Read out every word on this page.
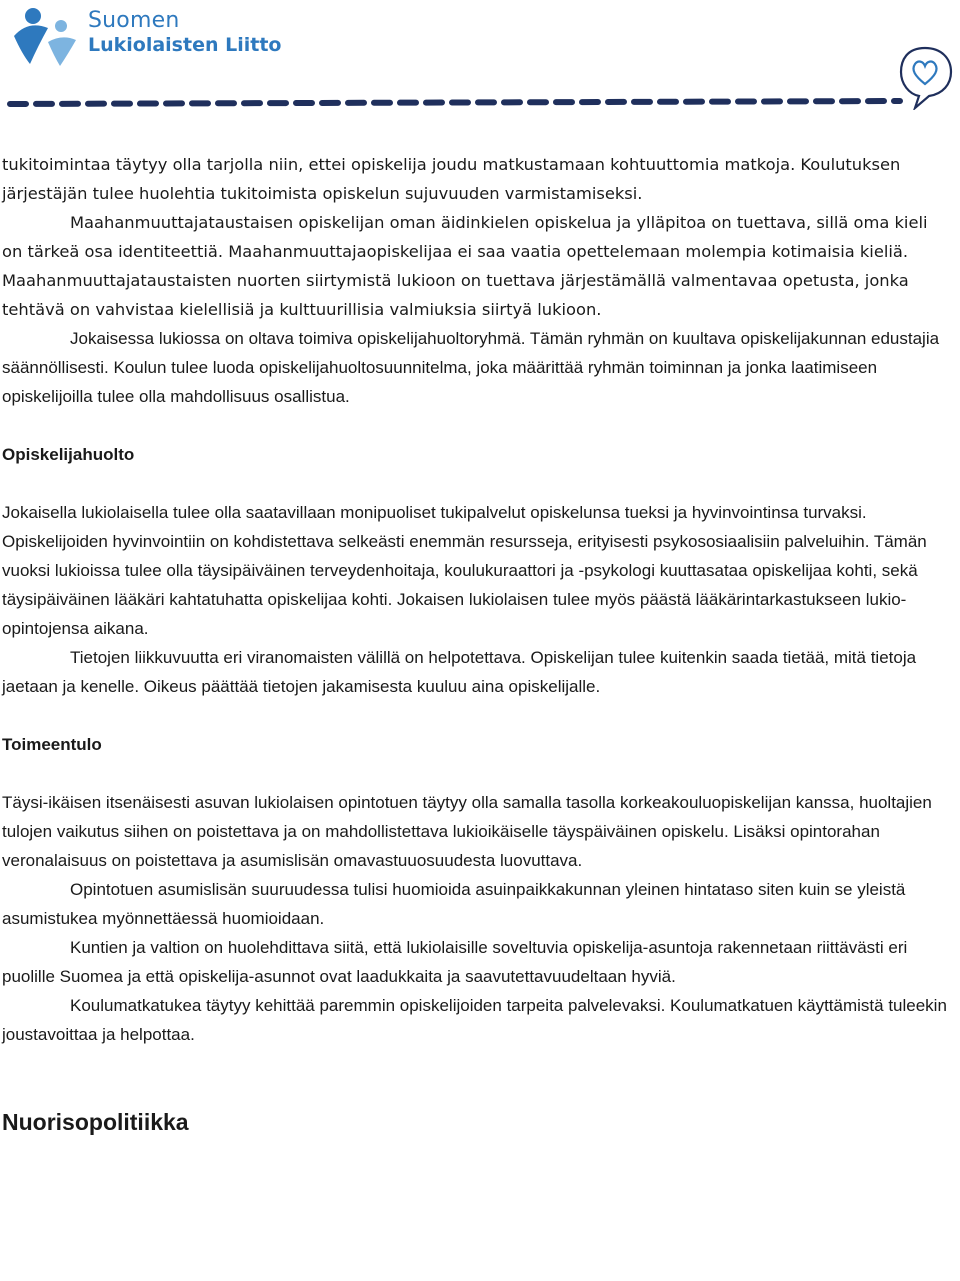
Suomen
Lukiolaisten Liitto

tukitoimintaa täytyy olla tarjolla niin, ettei opiskelija joudu matkustamaan kohtuuttomia matkoja. Koulutuksen järjestäjän tulee huolehtia tukitoimista opiskelun sujuvuuden varmistamiseksi.

Maahanmuuttajataustaisen opiskelijan oman äidinkielen opiskelua ja ylläpitoa on tuettava, sillä oma kieli on tärkeä osa identiteettiä. Maahanmuuttajaopiskelijaa ei saa vaatia opettelemaan molempia kotimaisia kieliä. Maahanmuuttajataustaisten nuorten siirtymistä lukioon on tuettava järjestämällä valmentavaa opetusta, jonka tehtävä on vahvistaa kielellisiä ja kulttuurillisia valmiuksia siirtyä lukioon.

Jokaisessa lukiossa on oltava toimiva opiskelijahuoltoryhmä. Tämän ryhmän on kuultava opiskelijakunnan edustajia säännöllisesti. Koulun tulee luoda opiskelijahuoltosuunnitelma, joka määrittää ryhmän toiminnan ja jonka laatimiseen opiskelijoilla tulee olla mahdollisuus osallistua.

Opiskelijahuolto

Jokaisella lukiolaisella tulee olla saatavillaan monipuoliset tukipalvelut opiskelunsa tueksi ja hyvinvointinsa turvaksi. Opiskelijoiden hyvinvointiin on kohdistettava selkeästi enemmän resursseja, erityisesti psykososiaalisiin palveluihin. Tämän vuoksi lukioissa tulee olla täysipäiväinen terveydenhoitaja, koulukuraattori ja -psykologi kuuttasataa opiskelijaa kohti, sekä täysipäiväinen lääkäri kahtatuhatta opiskelijaa kohti. Jokaisen lukiolaisen tulee myös päästä lääkärintarkastukseen lukio-opintojensa aikana.

Tietojen liikkuvuutta eri viranomaisten välillä on helpotettava. Opiskelijan tulee kuitenkin saada tietää, mitä tietoja jaetaan ja kenelle. Oikeus päättää tietojen jakamisesta kuuluu aina opiskelijalle.

Toimeentulo

Täysi-ikäisen itsenäisesti asuvan lukiolaisen opintotuen täytyy olla samalla tasolla korkeakouluopiskelijan kanssa, huoltajien tulojen vaikutus siihen on poistettava ja on mahdollistettava lukioikäiselle täyspäiväinen opiskelu. Lisäksi opintorahan veronalaisuus on poistettava ja asumislisän omavastuuosuudesta luovuttava.

Opintotuen asumislisän suuruudessa tulisi huomioida asuinpaikkakunnan yleinen hintataso siten kuin se yleistä asumistukea myönnettäessä huomioidaan.

Kuntien ja valtion on huolehdittava siitä, että lukiolaisille soveltuvia opiskelija-asuntoja rakennetaan riittävästi eri puolille Suomea ja että opiskelija-asunnot ovat laadukkaita ja saavutettavuudeltaan hyviä.

Koulumatkatukea täytyy kehittää paremmin opiskelijoiden tarpeita palvelevaksi. Koulumatkatuen käyttämistä tuleekin joustavoittaa ja helpottaa.

Nuorisopolitiikka
